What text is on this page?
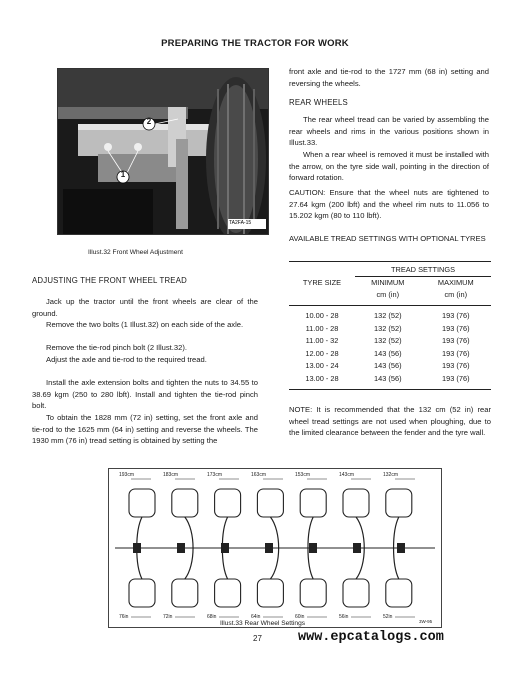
PREPARING THE TRACTOR FOR WORK
2
1
TA2FA-15
Illust.32 Front Wheel Adjustment
ADJUSTING THE FRONT WHEEL TREAD
Jack up the tractor until the front wheels are clear of the ground.
Remove the two bolts (1 Illust.32) on each side of the axle.
Remove the tie-rod pinch bolt (2 Illust.32).
Adjust the axle and tie-rod to the required tread.
Install the axle extension bolts and tighten the nuts to 34.55 to 38.69 kgm (250 to 280 lbft). Install and tighten the tie-rod pinch bolt.
To obtain the 1828 mm (72 in) setting, set the front axle and tie-rod to the 1625 mm (64 in) setting and reverse the wheels. The 1930 mm (76 in) tread setting is obtained by setting the
front axle and tie-rod to the 1727 mm (68 in) setting and reversing the wheels.
REAR WHEELS
The rear wheel tread can be varied by assembling the rear wheels and rims in the various positions shown in Illust.33.
When a rear wheel is removed it must be installed with the arrow, on the tyre side wall, pointing in the direction of forward rotation.
CAUTION: Ensure that the wheel nuts are tightened to 27.64 kgm (200 lbft) and the wheel rim nuts to 11.056 to 15.202 kgm (80 to 110 lbft).
AVAILABLE TREAD SETTINGS WITH OPTIONAL TYRES
	TREAD SETTINGS	
TYRE SIZE	MINIMUM	MAXIMUM
	cm (in)	cm (in)

10.00 - 28	132 (52)	193 (76)
11.00 - 28	132 (52)	193 (76)
11.00 - 32	132 (52)	193 (76)
12.00 - 28	143 (56)	193 (76)
13.00 - 24	143 (56)	193 (76)
13.00 - 28	143 (56)	193 (76)

NOTE: It is recommended that the 132 cm (52 in) rear wheel tread settings are not used when ploughing, due to the limited clearance between the fender and the tyre wall.
193cm
76in
183cm
72in
173cm
68in
163cm
64in
153cm
60in
143cm
56in
132cm
52in
3W-95
Illust.33 Rear Wheel Settings
27	www.epcatalogs.com
